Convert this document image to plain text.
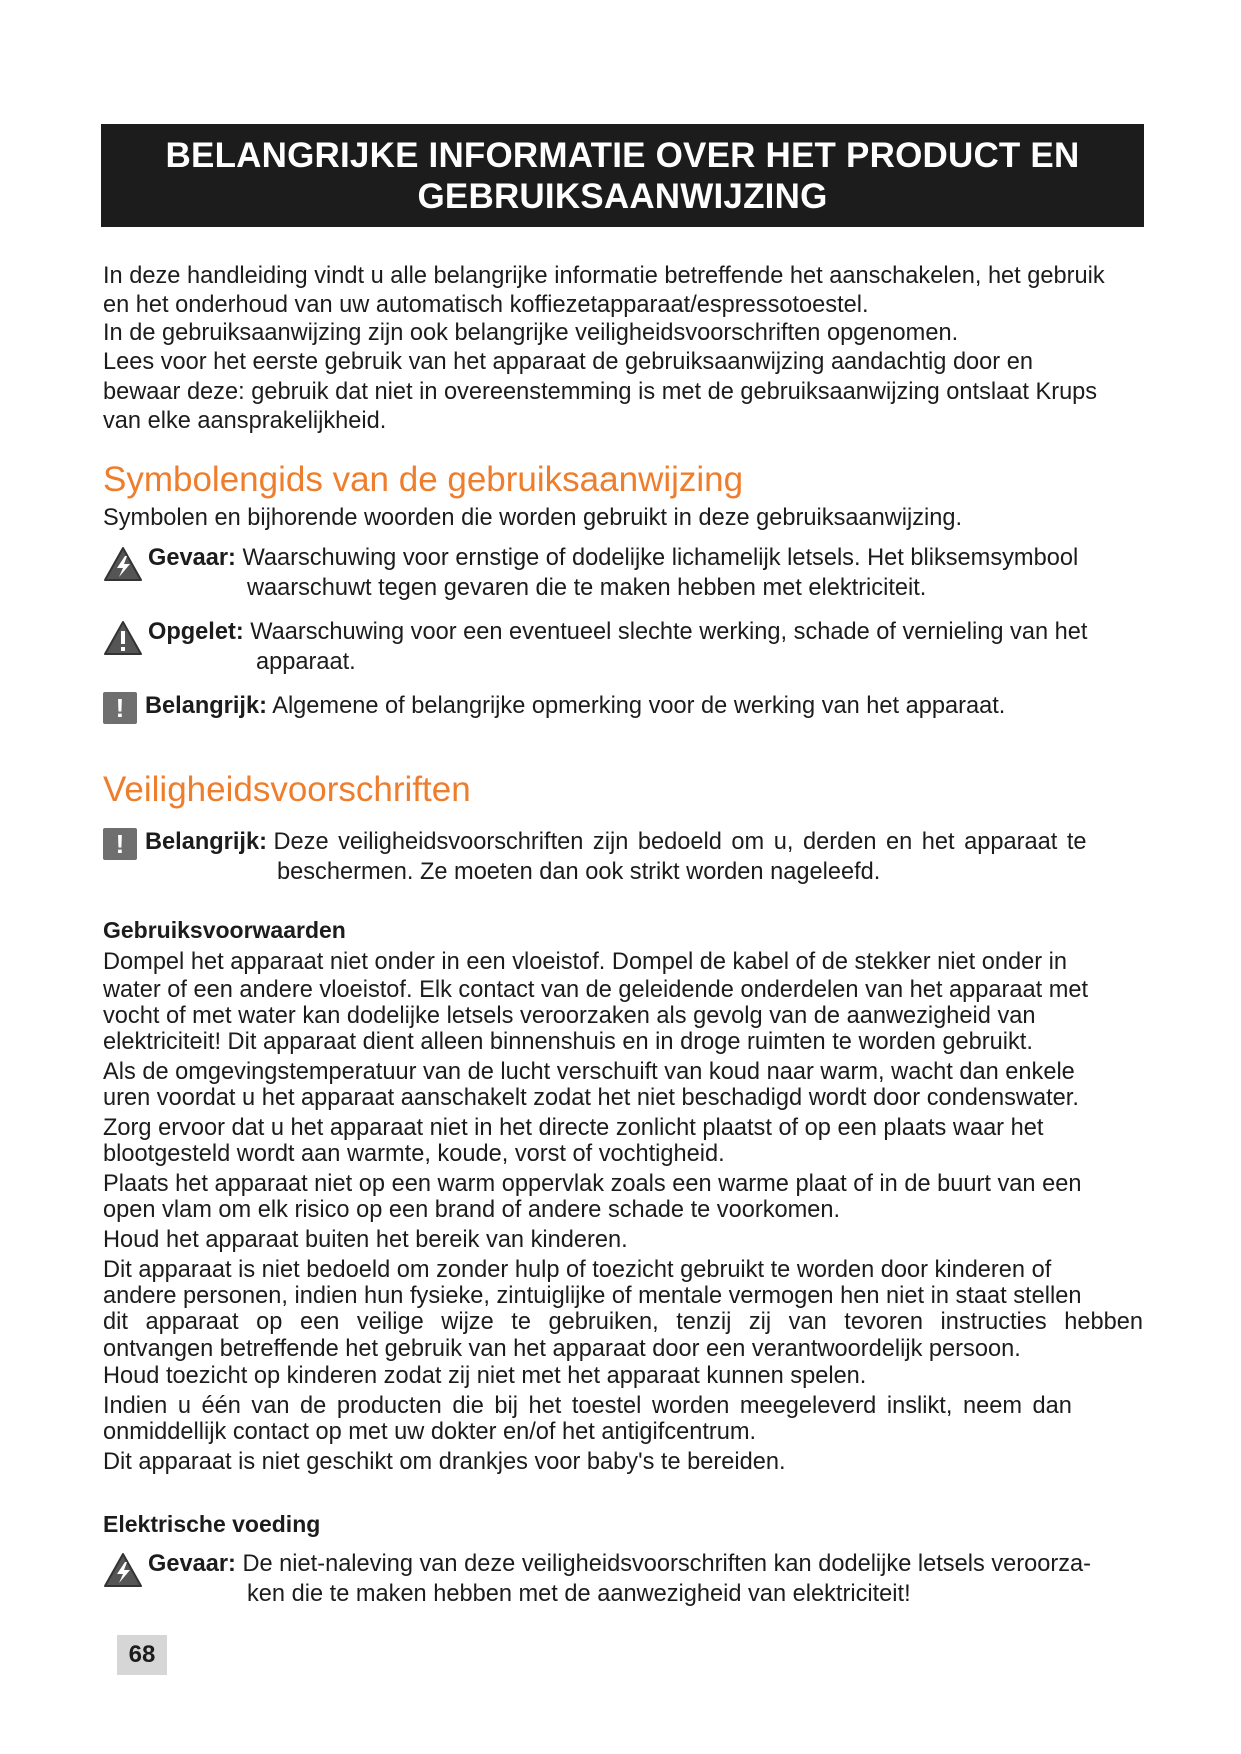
BELANGRIJKE INFORMATIE OVER HET PRODUCT EN
GEBRUIKSAANWIJZING

In deze handleiding vindt u alle belangrijke informatie betreffende het aanschakelen, het gebruik

en het onderhoud van uw automatisch koffiezetapparaat/espressotoestel.

In de gebruiksaanwijzing zijn ook belangrijke veiligheidsvoorschriften opgenomen.

Lees voor het eerste gebruik van het apparaat de gebruiksaanwijzing aandachtig door en

bewaar deze: gebruik dat niet in overeenstemming is met de gebruiksaanwijzing ontslaat Krups

van elke aansprakelijkheid.

Symbolengids van de gebruiksaanwijzing

Symbolen en bijhorende woorden die worden gebruikt in deze gebruiksaanwijzing.

Gevaar: Waarschuwing voor ernstige of dodelijke lichamelijk letsels. Het bliksemsymbool
waarschuwt tegen gevaren die te maken hebben met elektriciteit.
Opgelet: Waarschuwing voor een eventueel slechte werking, schade of vernieling van het
apparaat.
! Belangrijk: Algemene of belangrijke opmerking voor de werking van het apparaat.
Veiligheidsvoorschriften
! Belangrijk: Deze veiligheidsvoorschriften zijn bedoeld om u, derden en het apparaat te
beschermen. Ze moeten dan ook strikt worden nageleefd.
Gebruiksvoorwaarden

Dompel het apparaat niet onder in een vloeistof. Dompel de kabel of de stekker niet onder in

water of een andere vloeistof. Elk contact van de geleidende onderdelen van het apparaat met

vocht of met water kan dodelijke letsels veroorzaken als gevolg van de aanwezigheid van

elektriciteit! Dit apparaat dient alleen binnenshuis en in droge ruimten te worden gebruikt.

Als de omgevingstemperatuur van de lucht verschuift van koud naar warm, wacht dan enkele

uren voordat u het apparaat aanschakelt zodat het niet beschadigd wordt door condenswater.

Zorg ervoor dat u het apparaat niet in het directe zonlicht plaatst of op een plaats waar het

blootgesteld wordt aan warmte, koude, vorst of vochtigheid.

Plaats het apparaat niet op een warm oppervlak zoals een warme plaat of in de buurt van een

open vlam om elk risico op een brand of andere schade te voorkomen.

Houd het apparaat buiten het bereik van kinderen.

Dit apparaat is niet bedoeld om zonder hulp of toezicht gebruikt te worden door kinderen of

andere personen, indien hun fysieke, zintuiglijke of mentale vermogen hen niet in staat stellen

dit apparaat op een veilige wijze te gebruiken, tenzij zij van tevoren instructies hebben

ontvangen betreffende het gebruik van het apparaat door een verantwoordelijk persoon.

Houd toezicht op kinderen zodat zij niet met het apparaat kunnen spelen.

Indien u één van de producten die bij het toestel worden meegeleverd inslikt, neem dan

onmiddellijk contact op met uw dokter en/of het antigifcentrum.

Dit apparaat is niet geschikt om drankjes voor baby's te bereiden.

Elektrische voeding
Gevaar: De niet-naleving van deze veiligheidsvoorschriften kan dodelijke letsels veroorza-
ken die te maken hebben met de aanwezigheid van elektriciteit!
68
